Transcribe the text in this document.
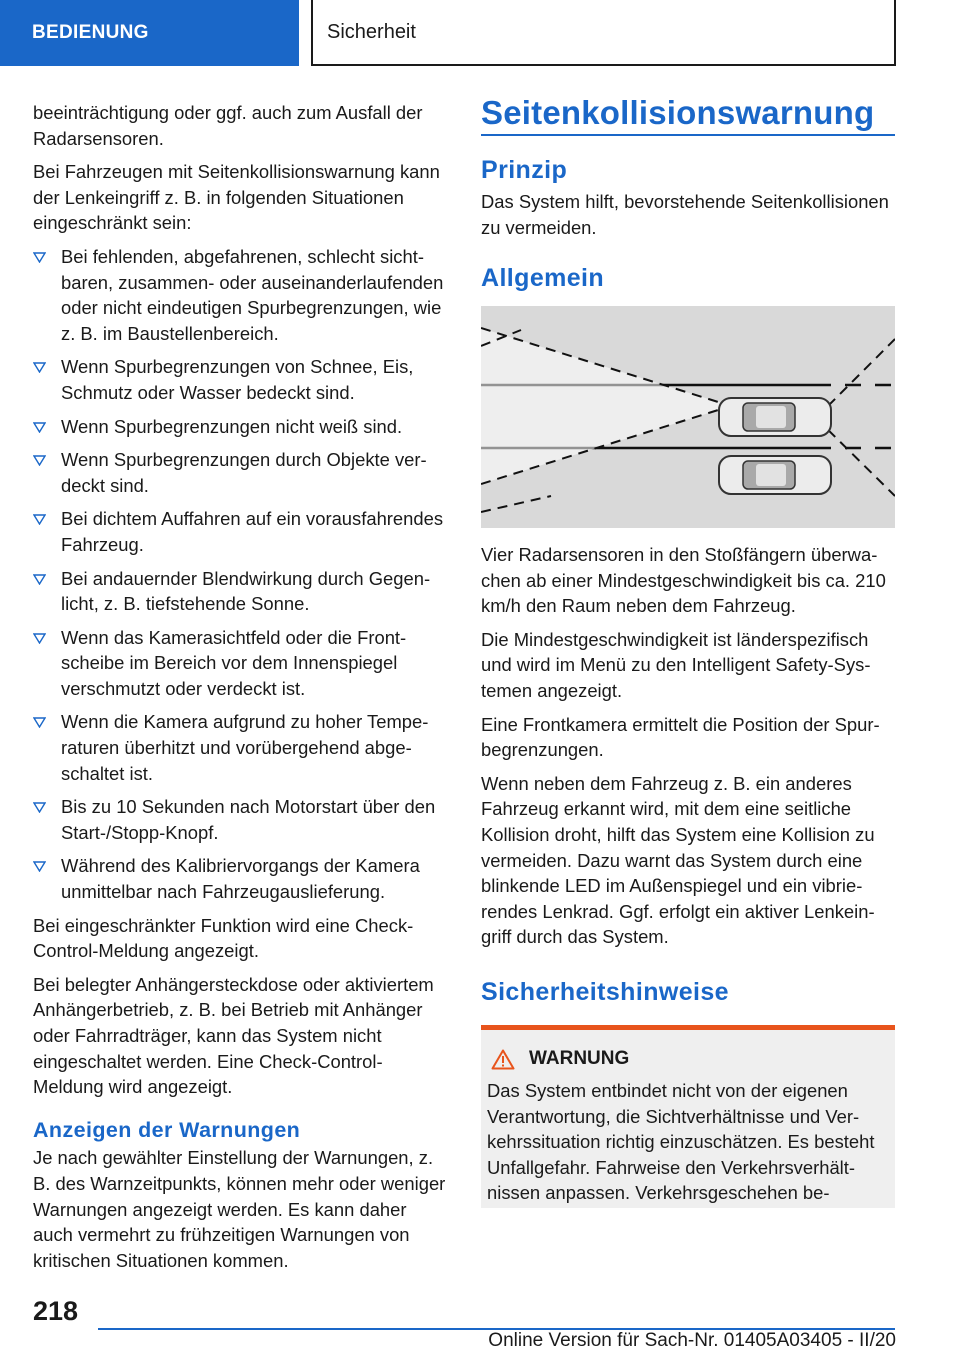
BEDIENUNG	Sicherheit

beeinträchtigung oder ggf. auch zum Ausfall der Radarsensoren.

Bei Fahrzeugen mit Seitenkollisionswarnung kann der Lenkeingriff z. B. in folgenden Situationen eingeschränkt sein:

Bei fehlenden, abgefahrenen, schlecht sichtbaren, zusammen- oder auseinanderlaufenden oder nicht eindeutigen Spurbegrenzungen, wie z. B. im Baustellenbereich.
Wenn Spurbegrenzungen von Schnee, Eis, Schmutz oder Wasser bedeckt sind.
Wenn Spurbegrenzungen nicht weiß sind.
Wenn Spurbegrenzungen durch Objekte verdeckt sind.
Bei dichtem Auffahren auf ein vorausfahrendes Fahrzeug.
Bei andauernder Blendwirkung durch Gegenlicht, z. B. tiefstehende Sonne.
Wenn das Kamerasichtfeld oder die Frontscheibe im Bereich vor dem Innenspiegel verschmutzt oder verdeckt ist.
Wenn die Kamera aufgrund zu hoher Temperaturen überhitzt und vorübergehend abgeschaltet ist.
Bis zu 10 Sekunden nach Motorstart über den Start-/Stopp-Knopf.
Während des Kalibriervorgangs der Kamera unmittelbar nach Fahrzeugauslieferung.

Bei eingeschränkter Funktion wird eine Check-Control-Meldung angezeigt.

Bei belegter Anhängersteckdose oder aktiviertem Anhängerbetrieb, z. B. bei Betrieb mit Anhänger oder Fahrradträger, kann das System nicht eingeschaltet werden. Eine Check-Control-Meldung wird angezeigt.

Anzeigen der Warnungen

Je nach gewählter Einstellung der Warnungen, z. B. des Warnzeitpunkts, können mehr oder weniger Warnungen angezeigt werden. Es kann daher auch vermehrt zu frühzeitigen Warnungen von kritischen Situationen kommen.

Seitenkollisionswarnung
Prinzip

Das System hilft, bevorstehende Seitenkollisionen zu vermeiden.

Allgemein

Vier Radarsensoren in den Stoßfängern überwachen ab einer Mindestgeschwindigkeit bis ca. 210 km/h den Raum neben dem Fahrzeug.

Die Mindestgeschwindigkeit ist länderspezifisch und wird im Menü zu den Intelligent Safety-Systemen angezeigt.

Eine Frontkamera ermittelt die Position der Spurbegrenzungen.

Wenn neben dem Fahrzeug z. B. ein anderes Fahrzeug erkannt wird, mit dem eine seitliche Kollision droht, hilft das System eine Kollision zu vermeiden. Dazu warnt das System durch eine blinkende LED im Außenspiegel und ein vibrierendes Lenkrad. Ggf. erfolgt ein aktiver Lenkeingriff durch das System.

Sicherheitshinweise
WARNUNG

Das System entbindet nicht von der eigenen Verantwortung, die Sichtverhältnisse und Verkehrssituation richtig einzuschätzen. Es besteht Unfallgefahr. Fahrweise den Verkehrsverhältnissen anpassen. Verkehrsgeschehen be-

218
Online Version für Sach-Nr. 01405A03405 - II/20
